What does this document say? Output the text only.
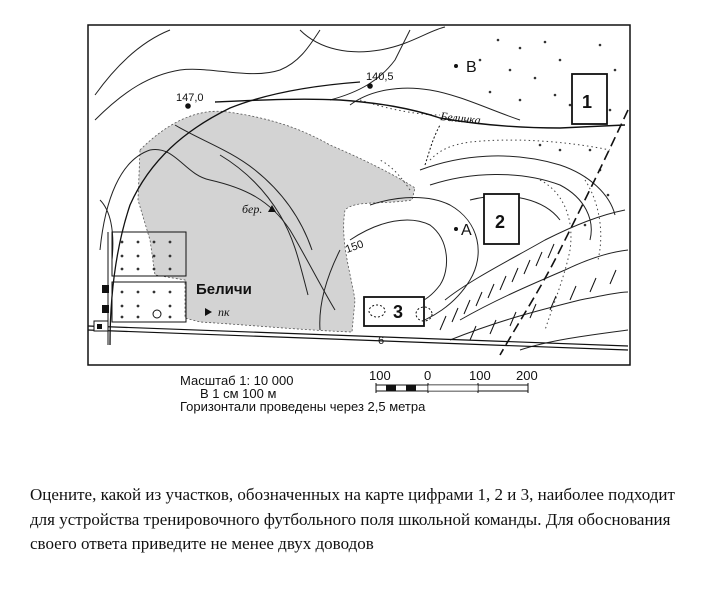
пк
Беличи
бер.
150
6
147,0
140,5
В
А
Беличка
1
2
3
Масштаб 1: 10 000
В 1 см 100 м
Горизонтали проведены через 2,5 метра
100	0	100 200

Оцените, какой из участков, обозначенных на карте цифрами 1, 2 и 3, наиболее подходит для устройства тренировочного футбольного поля школьной команды. Для обоснования своего ответа приведите не менее двух доводов
